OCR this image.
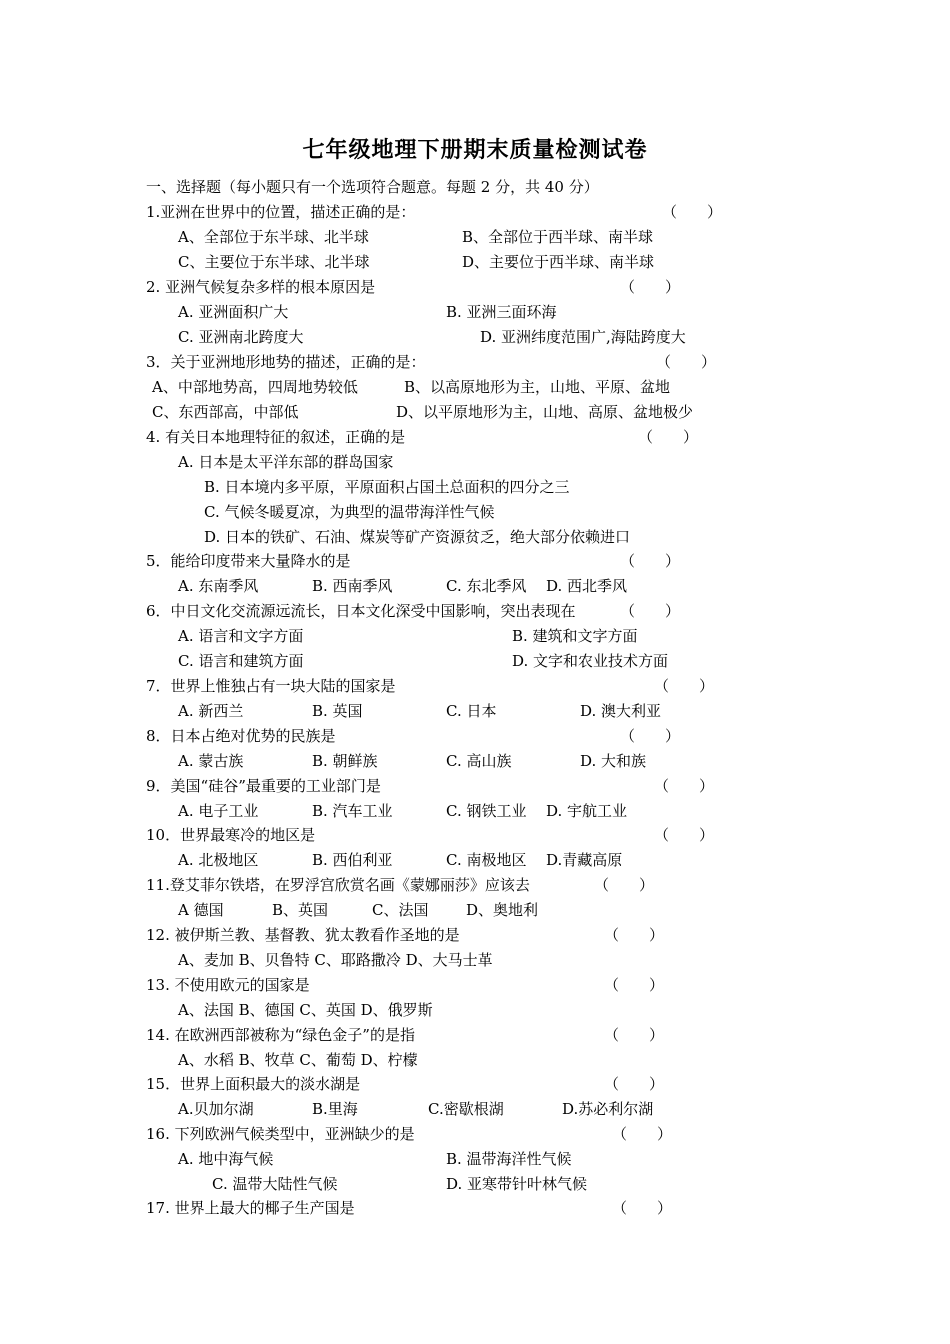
七年级地理下册期末质量检测试卷
一、选择题（每小题只有一个选项符合题意。每题 2 分，共 40 分）
1.亚洲在世界中的位置，描述正确的是：	（　　）
A、全部位于东半球、北半球	B、全部位于西半球、南半球
C、主要位于东半球、北半球	D、主要位于西半球、南半球
2. 亚洲气候复杂多样的根本原因是	（　　）
A. 亚洲面积广大	B. 亚洲三面环海
C. 亚洲南北跨度大	D. 亚洲纬度范围广,海陆跨度大
3．关于亚洲地形地势的描述，正确的是：	（　　）
A、中部地势高，四周地势较低	B、以高原地形为主，山地、平原、盆地
C、东西部高，中部低	D、以平原地形为主，山地、高原、盆地极少
4. 有关日本地理特征的叙述，正确的是	（　　）
A. 日本是太平洋东部的群岛国家
B. 日本境内多平原，平原面积占国土总面积的四分之三
C. 气候冬暖夏凉，为典型的温带海洋性气候
D. 日本的铁矿、石油、煤炭等矿产资源贫乏，绝大部分依赖进口
5．能给印度带来大量降水的是	（　　）
A. 东南季风	B. 西南季风	C. 东北季风 D. 西北季风
6．中日文化交流源远流长，日本文化深受中国影响，突出表现在	（　　）
A. 语言和文字方面	B. 建筑和文字方面
C. 语言和建筑方面	D. 文字和农业技术方面
7．世界上惟独占有一块大陆的国家是	（　　）
A. 新西兰	B. 英国	C. 日本	D. 澳大利亚
8．日本占绝对优势的民族是	（　　）
A. 蒙古族	B. 朝鲜族	C. 高山族	D. 大和族
9．美国“硅谷”最重要的工业部门是	（　　）
A. 电子工业	B. 汽车工业	C. 钢铁工业 D. 宇航工业
10．世界最寒冷的地区是	（　　）
A. 北极地区	B. 西伯利亚	C. 南极地区 D.青藏高原
11.登艾菲尔铁塔，在罗浮宫欣赏名画《蒙娜丽莎》应该去	（　　）
A 德国	B、英国	C、法国	D、奥地利
12. 被伊斯兰教、基督教、犹太教看作圣地的是	（　　）
A、麦加 B、贝鲁特 C、耶路撒冷 D、大马士革
13. 不使用欧元的国家是	（　　）
A、法国 B、德国 C、英国 D、俄罗斯
14. 在欧洲西部被称为“绿色金子”的是指	（　　）
A、水稻 B、牧草 C、葡萄 D、柠檬
15．世界上面积最大的淡水湖是	（　　）
A.贝加尔湖	B.里海	C.密歇根湖	D.苏必利尔湖
16. 下列欧洲气候类型中，亚洲缺少的是	（　　）
A. 地中海气候	B. 温带海洋性气候
C. 温带大陆性气候	D. 亚寒带针叶林气候
17. 世界上最大的椰子生产国是	（　　）
